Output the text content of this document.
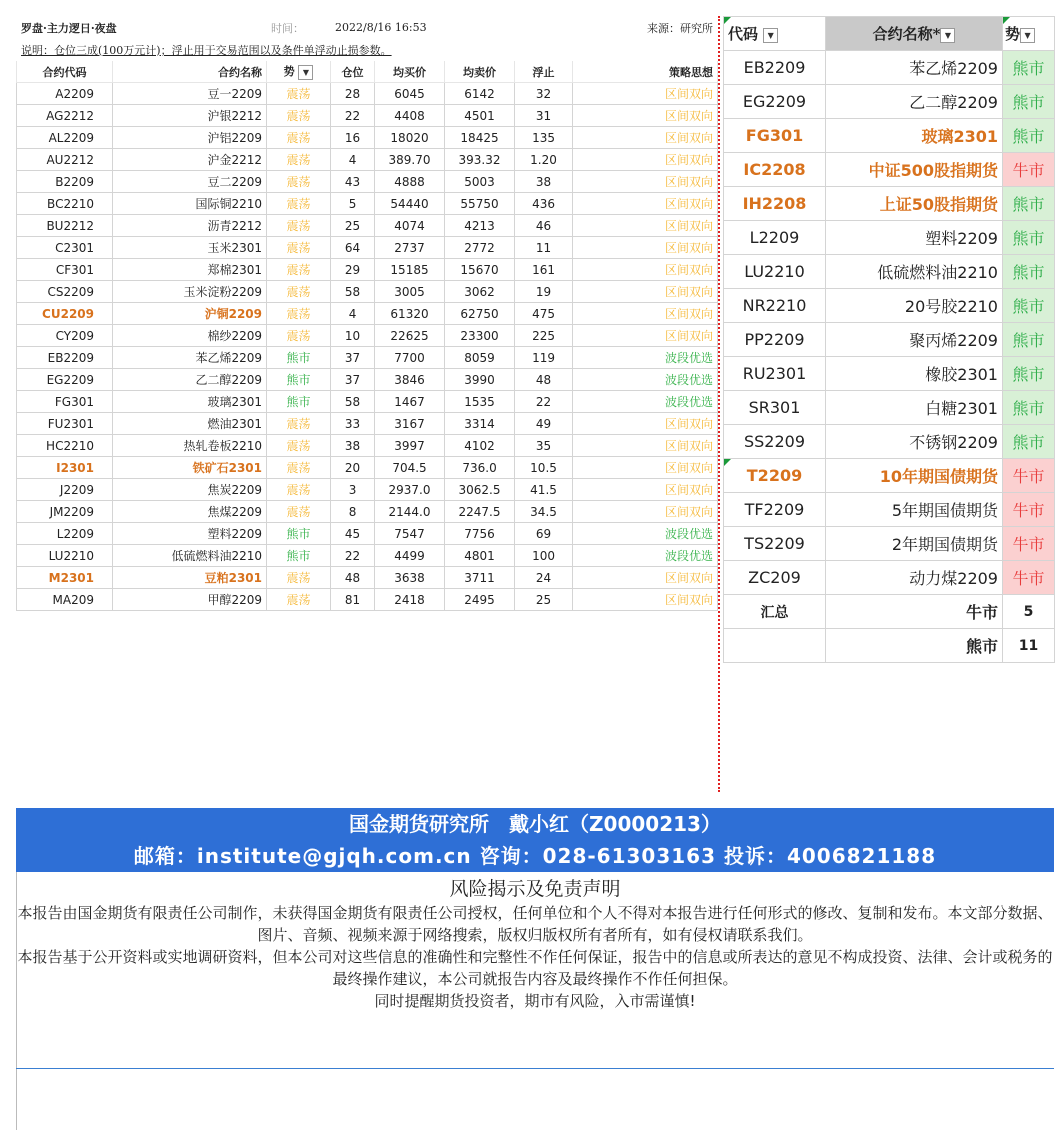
罗盘·主力逻日·夜盘		时间：	2022/8/16 16:53			来源：研究所	
说明：仓位三成(100万元计)；浮止用于交易范围以及条件单浮动止损参数。							
合约代码	合约名称	势 ▼	仓位	均买价	均卖价	浮止	策略思想
A2209	豆一2209	震荡	28	6045	6142	32	区间双向
AG2212	沪银2212	震荡	22	4408	4501	31	区间双向
AL2209	沪铝2209	震荡	16	18020	18425	135	区间双向
AU2212	沪金2212	震荡	4	389.70	393.32	1.20	区间双向
B2209	豆二2209	震荡	43	4888	5003	38	区间双向
BC2210	国际铜2210	震荡	5	54440	55750	436	区间双向
BU2212	沥青2212	震荡	25	4074	4213	46	区间双向
C2301	玉米2301	震荡	64	2737	2772	11	区间双向
CF301	郑棉2301	震荡	29	15185	15670	161	区间双向
CS2209	玉米淀粉2209	震荡	58	3005	3062	19	区间双向
CU2209	沪铜2209	震荡	4	61320	62750	475	区间双向
CY209	棉纱2209	震荡	10	22625	23300	225	区间双向
EB2209	苯乙烯2209	熊市	37	7700	8059	119	波段优选
EG2209	乙二醇2209	熊市	37	3846	3990	48	波段优选
FG301	玻璃2301	熊市	58	1467	1535	22	波段优选
FU2301	燃油2301	震荡	33	3167	3314	49	区间双向
HC2210	热轧卷板2210	震荡	38	3997	4102	35	区间双向
I2301	铁矿石2301	震荡	20	704.5	736.0	10.5	区间双向
J2209	焦炭2209	震荡	3	2937.0	3062.5	41.5	区间双向
JM2209	焦煤2209	震荡	8	2144.0	2247.5	34.5	区间双向
L2209	塑料2209	熊市	45	7547	7756	69	波段优选
LU2210	低硫燃料油2210	熊市	22	4499	4801	100	波段优选
M2301	豆粕2301	震荡	48	3638	3711	24	区间双向
MA209	甲醇2209	震荡	81	2418	2495	25	区间双向
代码 ▼	合约名称* ▼	势 ▼
EB2209	苯乙烯2209	熊市
EG2209	乙二醇2209	熊市
FG301	玻璃2301	熊市
IC2208	中证500股指期货	牛市
IH2208	上证50股指期货	熊市
L2209	塑料2209	熊市
LU2210	低硫燃料油2210	熊市
NR2210	20号胶2210	熊市
PP2209	聚丙烯2209	熊市
RU2301	橡胶2301	熊市
SR301	白糖2301	熊市
SS2209	不锈钢2209	熊市
T2209	10年期国债期货	牛市
TF2209	5年期国债期货	牛市
TS2209	2年期国债期货	牛市
ZC209	动力煤2209	牛市
汇总	牛市	5
	熊市	11
国金期货研究所　戴小红（Z0000213）
邮箱：institute@gjqh.com.cn 咨询：028-61303163 投诉：4006821188
风险揭示及免责声明

本报告由国金期货有限责任公司制作，未获得国金期货有限责任公司授权，任何单位和个人不得对本报告进行任何形式的修改、复制和发布。本文部分数据、图片、音频、视频来源于网络搜索，版权归版权所有者所有，如有侵权请联系我们。

本报告基于公开资料或实地调研资料，但本公司对这些信息的准确性和完整性不作任何保证，报告中的信息或所表达的意见不构成投资、法律、会计或税务的最终操作建议，本公司就报告内容及最终操作不作任何担保。

同时提醒期货投资者，期市有风险，入市需谨慎!
